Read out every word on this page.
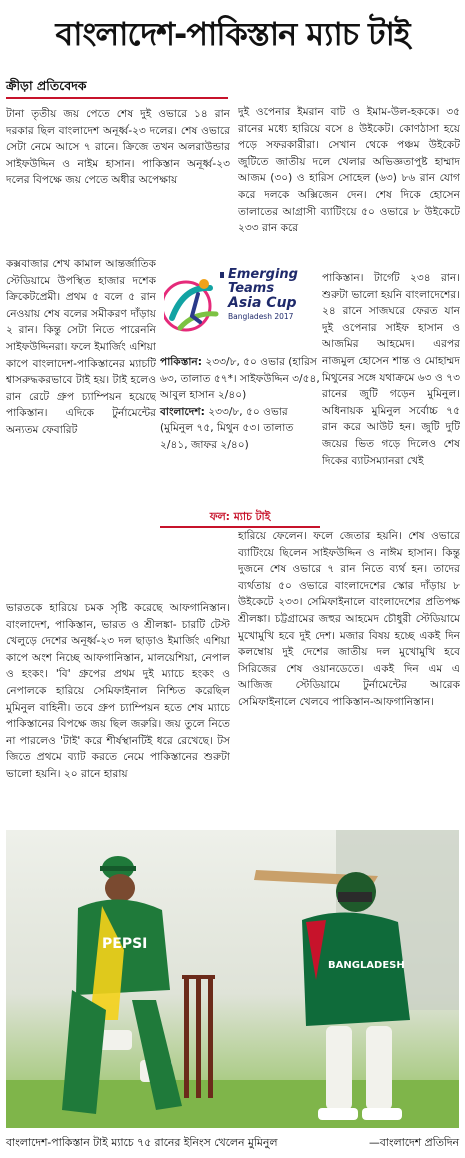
বাংলাদেশ-পাকিস্তান ম্যাচ টাই
ক্রীড়া প্রতিবেদক

টানা তৃতীয় জয় পেতে শেষ দুই ওভারে ১৪ রান দরকার ছিল বাংলাদেশ অনূর্ধ্ব-২৩ দলের। শেষ ওভারে সেটা নেমে আসে ৭ রানে। ক্রিজে তখন অলরাউন্ডার সাইফউদ্দিন ও নাইম হাসান। পাকিস্তান অনূর্ধ্ব-২৩ দলের বিপক্ষে জয় পেতে অধীর অপেক্ষায়

কক্সবাজার শেখ কামাল আন্তর্জাতিক স্টেডিয়ামে উপস্থিত হাজার দশেক ক্রিকেটপ্রেমী। প্রথম ৫ বলে ৫ রান নেওয়ায় শেষ বলের সমীকরণ দাঁড়ায় ২ রান। কিন্তু সেটা নিতে পারেননি সাইফউদ্দিনরা। ফলে ইমার্জিং এশিয়া কাপে বাংলাদেশ-পাকিস্তানের ম্যাচটি শ্বাসরুদ্ধকরভাবে টাই হয়। টাই হলেও রান রেটে গ্রুপ চ্যাম্পিয়ন হয়েছে পাকিস্তান। এদিকে টুর্নামেন্টের অন্যতম ফেবারিট

ভারতকে হারিয়ে চমক সৃষ্টি করেছে আফগানিস্তান। বাংলাদেশ, পাকিস্তান, ভারত ও শ্রীলঙ্কা- চারটি টেস্ট খেলুড়ে দেশের অনূর্ধ্ব-২৩ দল ছাড়াও ইমার্জিং এশিয়া কাপে অংশ নিচ্ছে আফগানিস্তান, মালয়েশিয়া, নেপাল ও হংকং। 'বি' গ্রুপের প্রথম দুই ম্যাচে হংকং ও নেপালকে হারিয়ে সেমিফাইনাল নিশ্চিত করেছিল মুমিনুল বাহিনী। তবে গ্রুপ চ্যাম্পিয়ন হতে শেষ ম্যাচে পাকিস্তানের বিপক্ষে জয় ছিল জরুরি। জয় তুলে নিতে না পারলেও 'টাই' করে শীর্ষস্থানটিই ধরে রেখেছে। টস জিতে প্রথমে ব্যাট করতে নেমে পাকিস্তানের শুরুটা ভালো হয়নি। ২০ রানে হারায়

দুই ওপেনার ইমরান বাট ও ইমাম-উল-হককে। ৩৫ রানের মধ্যে হারিয়ে বসে ৪ উইকেট। কোণঠাসা হয়ে পড়ে সফরকারীরা। সেখান থেকে পঞ্চম উইকেট জুটিতে জাতীয় দলে খেলার অভিজ্ঞতাপুষ্ট হাম্মাদ আজম (৩০) ও হারিস সোহেল (৬৩) ৮৬ রান যোগ করে দলকে অক্সিজেন দেন। শেষ দিকে হোসেন তালাতের আগ্রাসী ব্যাটিংয়ে ৫০ ওভারে ৮ উইকেটে ২৩৩ রান করে

পাকিস্তান। টার্গেট ২৩৪ রান। শুরুটা ভালো হয়নি বাংলাদেশের। ২৪ রানে সাজঘরে ফেরত যান দুই ওপেনার সাইফ হাসান ও আজমির আহমেদ। এরপর নাজমুল হোসেন শান্ত ও মোহাম্মদ মিথুনের সঙ্গে যথাক্রমে ৬৩ ও ৭৩ রানের জুটি গড়েন মুমিনুল। অধিনায়ক মুমিনুল সর্বোচ্চ ৭৫ রান করে আউট হন। জুটি দুটি জয়ের ভিত গড়ে দিলেও শেষ দিকের ব্যাটসম্যানরা খেই

হারিয়ে ফেলেন। ফলে জেতার হয়নি। শেষ ওভারে ব্যাটিংয়ে ছিলেন সাইফউদ্দিন ও নাঈম হাসান। কিন্তু দুজনে শেষ ওভারে ৭ রান নিতে ব্যর্থ হন। তাদের ব্যর্থতায় ৫০ ওভারে বাংলাদেশের স্কোর দাঁড়ায় ৮ উইকেটে ২৩৩। সেমিফাইনালে বাংলাদেশের প্রতিপক্ষ শ্রীলঙ্কা। চট্টগ্রামের জহুর আহমেদ চৌধুরী স্টেডিয়ামে মুখোমুখি হবে দুই দেশ। মজার বিষয় হচ্ছে একই দিন কলম্বোয় দুই দেশের জাতীয় দল মুখোমুখি হবে সিরিজের শেষ ওয়ানডেতে। একই দিন এম এ আজিজ স্টেডিয়ামে টুর্নামেন্টের আরেক সেমিফাইনালে খেলবে পাকিস্তান-আফগানিস্তান।

Emerging
Teams
Asia Cup
Bangladesh 2017
পাকিস্তান: ২৩৩/৮, ৫০ ওভার (হারিস ৬৩, তালাত ৫৭*। সাইফউদ্দিন ৩/৫৪, আবুল হাসান ২/৪০)
বাংলাদেশ: ২৩৩/৮, ৫০ ওভার (মুমিনুল ৭৫, মিথুন ৫৩। তালাত ২/৪১, জাফর ২/৪০)
ফল: ম্যাচ টাই
PEPSI
BANGLADESH
বাংলাদেশ-পাকিস্তান টাই ম্যাচে ৭৫ রানের ইনিংস খেলেন মুমিনুল	—বাংলাদেশ প্রতিদিন
